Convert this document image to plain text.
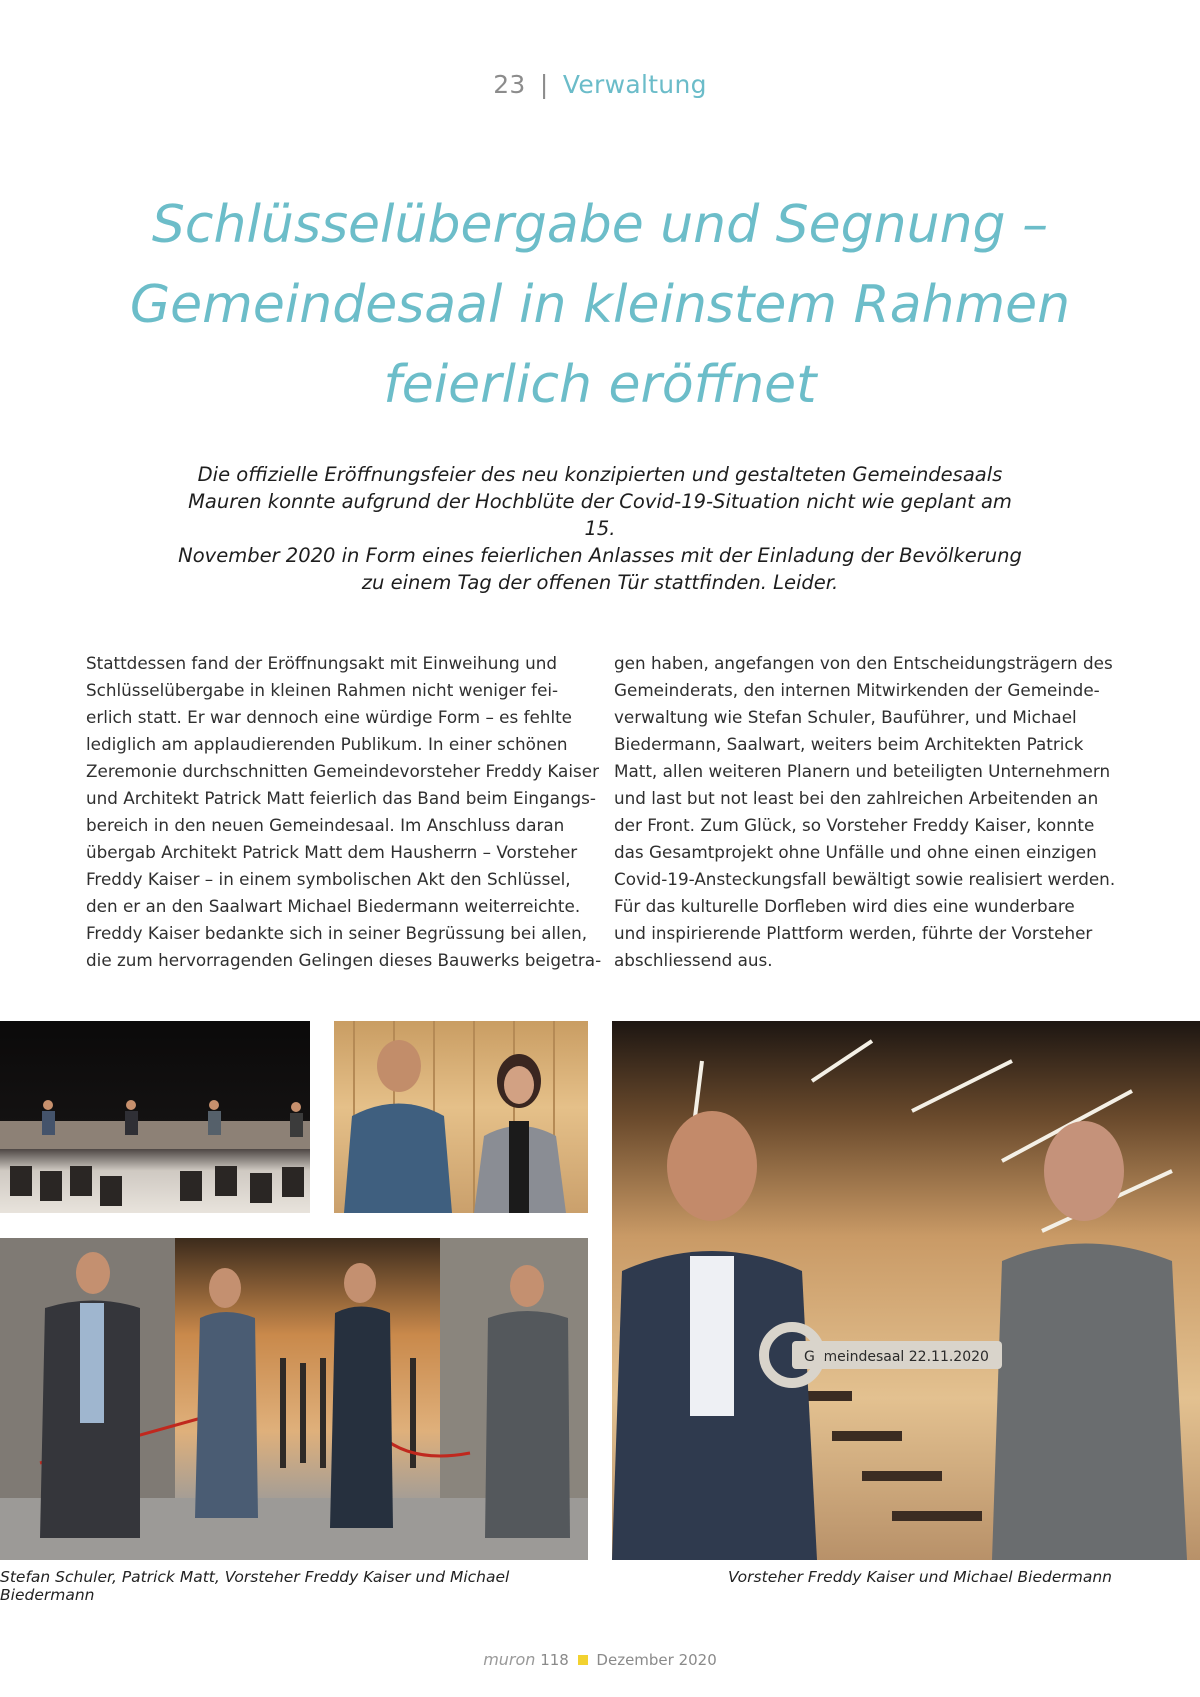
23 | Verwaltung
Schlüsselübergabe und Segnung –
Gemeindesaal in kleinstem Rahmen
feierlich eröffnet

Die offizielle Eröffnungsfeier des neu konzipierten und gestalteten Gemeindesaals
Mauren konnte aufgrund der Hochblüte der Covid-19-Situation nicht wie geplant am 15.
November 2020 in Form eines feierlichen Anlasses mit der Einladung der Bevölkerung
zu einem Tag der offenen Tür stattfinden. Leider.

Stattdessen fand der Eröffnungsakt mit Einweihung und
Schlüsselübergabe in kleinen Rahmen nicht weniger fei-
erlich statt. Er war dennoch eine würdige Form – es fehlte
lediglich am applaudierenden Publikum. In einer schönen
Zeremonie durchschnitten Gemeindevorsteher Freddy Kaiser
und Architekt Patrick Matt feierlich das Band beim Eingangs-
bereich in den neuen Gemeindesaal. Im Anschluss daran
übergab Architekt Patrick Matt dem Hausherrn – Vorsteher
Freddy Kaiser – in einem symbolischen Akt den Schlüssel,
den er an den Saalwart Michael Biedermann weiterreichte.
Freddy Kaiser bedankte sich in seiner Begrüssung bei allen,
die zum hervorragenden Gelingen dieses Bauwerks beigetra-
gen haben, angefangen von den Entscheidungsträgern des
Gemeinderats, den internen Mitwirkenden der Gemeinde-
verwaltung wie Stefan Schuler, Bauführer, und Michael
Biedermann, Saalwart, weiters beim Architekten Patrick
Matt, allen weiteren Planern und beteiligten Unternehmern
und last but not least bei den zahlreichen Arbeitenden an
der Front. Zum Glück, so Vorsteher Freddy Kaiser, konnte
das Gesamtprojekt ohne Unfälle und ohne einen einzigen
Covid-19-Ansteckungsfall bewältigt sowie realisiert werden.
Für das kulturelle Dorfleben wird dies eine wunderbare
und inspirierende Plattform werden, führte der Vorsteher
abschliessend aus.
Gemeindesaal 22.11.2020
Stefan Schuler, Patrick Matt, Vorsteher Freddy Kaiser und Michael Biedermann
Vorsteher Freddy Kaiser und Michael Biedermann
muron 118 Dezember 2020
